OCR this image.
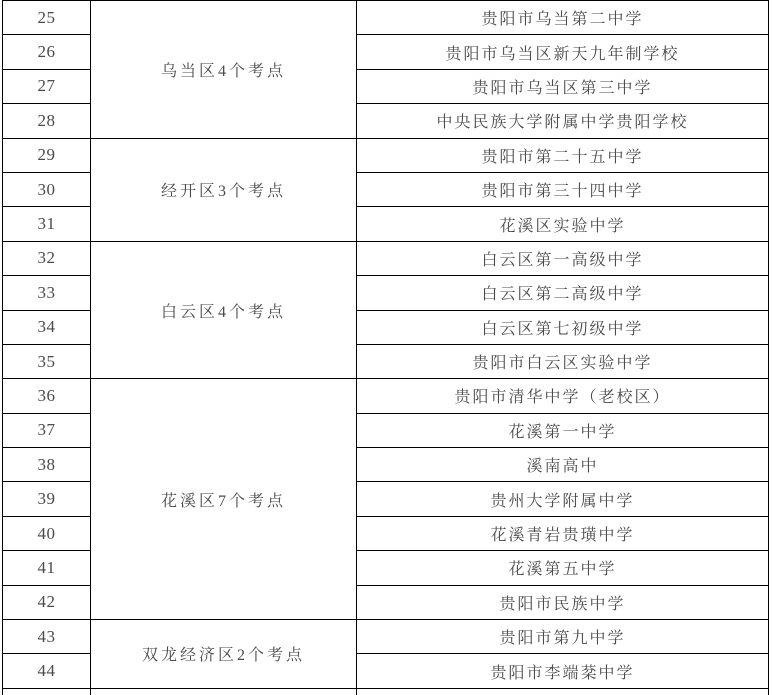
25	乌当区4个考点	贵阳市乌当第二中学
26		贵阳市乌当区新天九年制学校
27		贵阳市乌当区第三中学
28		中央民族大学附属中学贵阳学校
29	经开区3个考点	贵阳市第二十五中学
30		贵阳市第三十四中学
31		花溪区实验中学
32	白云区4个考点	白云区第一高级中学
33		白云区第二高级中学
34		白云区第七初级中学
35		贵阳市白云区实验中学
36	花溪区7个考点	贵阳市清华中学（老校区）
37		花溪第一中学
38		溪南高中
39		贵州大学附属中学
40		花溪青岩贵璜中学
41		花溪第五中学
42		贵阳市民族中学
43	双龙经济区2个考点	贵阳市第九中学
44		贵阳市李端棻中学
